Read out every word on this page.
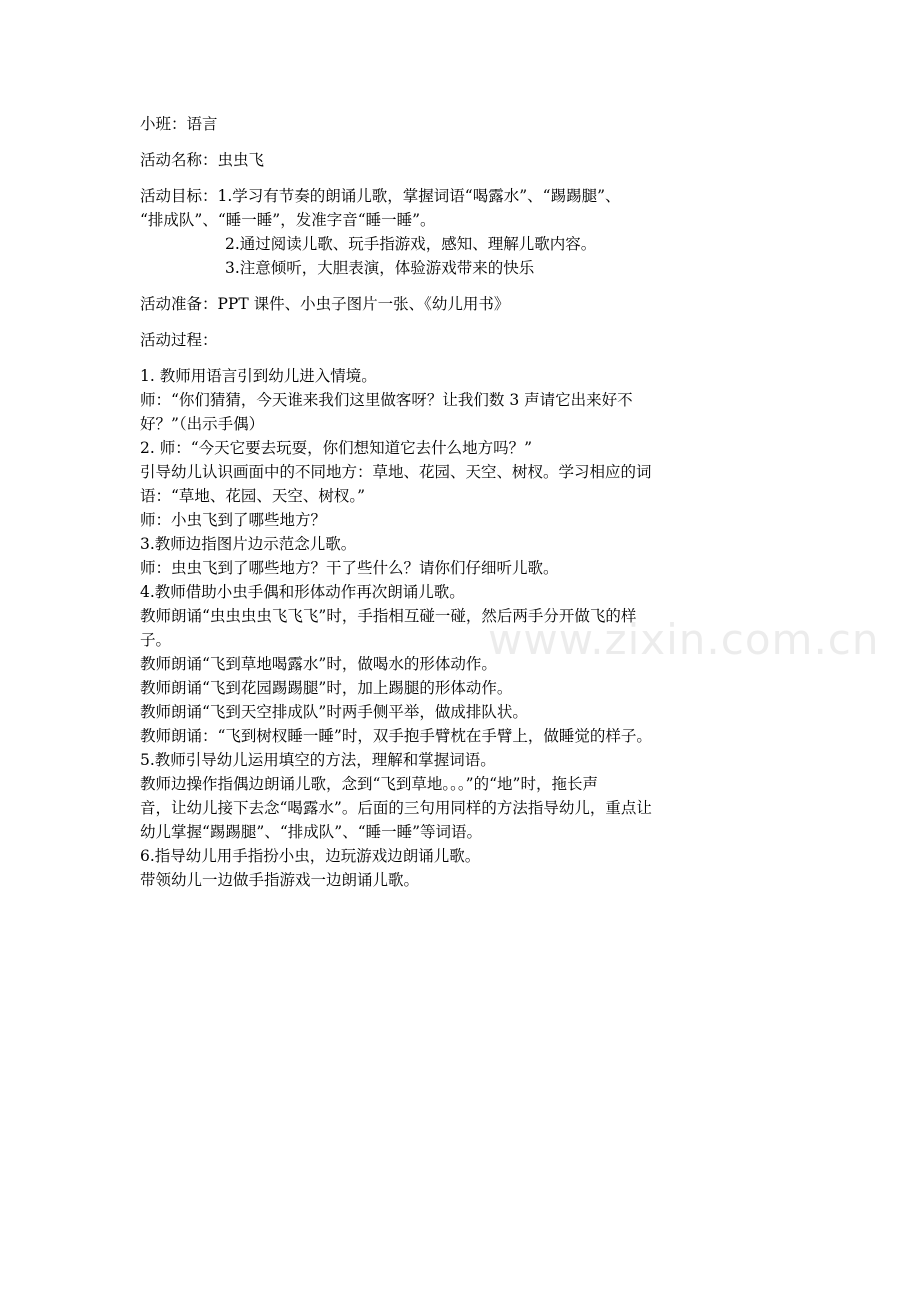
www.zixin.com.cn
小班：语言
活动名称：虫虫飞
活动目标：1.学习有节奏的朗诵儿歌，掌握词语“喝露水”、“踢踢腿”、
“排成队”、“睡一睡”，发准字音“睡一睡”。
2.通过阅读儿歌、玩手指游戏，感知、理解儿歌内容。
3.注意倾听，大胆表演，体验游戏带来的快乐
活动准备：PPT 课件、小虫子图片一张、《幼儿用书》
活动过程：
1. 教师用语言引到幼儿进入情境。
师：“你们猜猜，今天谁来我们这里做客呀？让我们数 3 声请它出来好不
好？”（出示手偶）
2. 师：“今天它要去玩耍，你们想知道它去什么地方吗？”
引导幼儿认识画面中的不同地方：草地、花园、天空、树杈。学习相应的词
语：“草地、花园、天空、树杈。”
师：小虫飞到了哪些地方？
3.教师边指图片边示范念儿歌。
师：虫虫飞到了哪些地方？干了些什么？请你们仔细听儿歌。
4.教师借助小虫手偶和形体动作再次朗诵儿歌。
教师朗诵“虫虫虫虫飞飞飞”时，手指相互碰一碰，然后两手分开做飞的样
子。
教师朗诵“飞到草地喝露水”时，做喝水的形体动作。
教师朗诵“飞到花园踢踢腿”时，加上踢腿的形体动作。
教师朗诵“飞到天空排成队”时两手侧平举，做成排队状。
教师朗诵：“飞到树杈睡一睡”时，双手抱手臂枕在手臂上，做睡觉的样子。
5.教师引导幼儿运用填空的方法，理解和掌握词语。
教师边操作指偶边朗诵儿歌，念到“飞到草地。。。”的“地”时，拖长声
音，让幼儿接下去念“喝露水”。后面的三句用同样的方法指导幼儿，重点让
幼儿掌握“踢踢腿”、“排成队”、“睡一睡”等词语。
6.指导幼儿用手指扮小虫，边玩游戏边朗诵儿歌。
带领幼儿一边做手指游戏一边朗诵儿歌。
